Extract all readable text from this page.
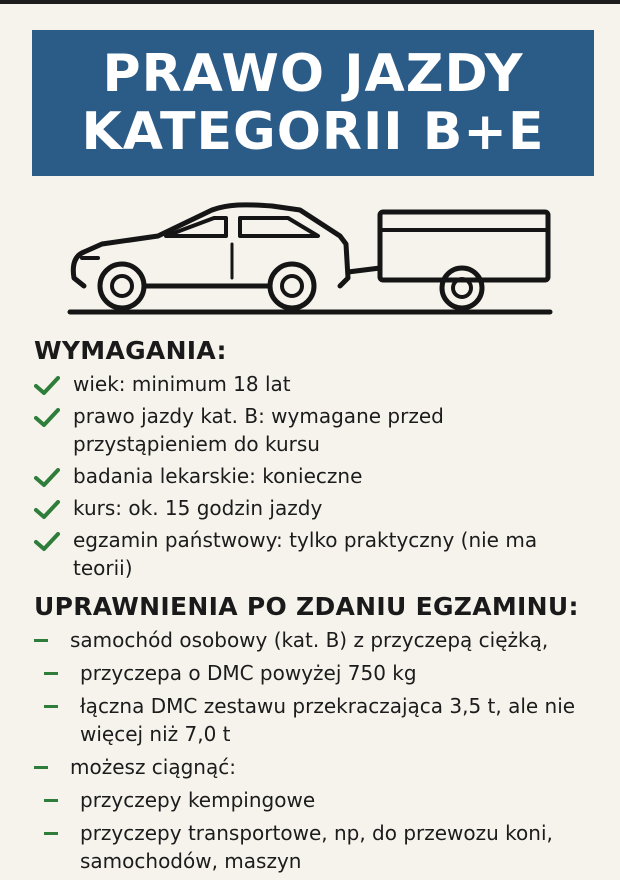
PRAWO JAZDY
KATEGORII B+E
WYMAGANIA:
wiek: minimum 18 lat
prawo jazdy kat. B: wymagane przed przystąpieniem do kursu
badania lekarskie: konieczne
kurs: ok. 15 godzin jazdy
egzamin państwowy: tylko praktyczny (nie ma teorii)
UPRAWNIENIA PO ZDANIU EGZAMINU:
samochód osobowy (kat. B) z przyczepą ciężką,
przyczepa o DMC powyżej 750 kg
łączna DMC zestawu przekraczająca 3,5 t, ale nie więcej niż 7,0 t
możesz ciągnąć:
przyczepy kempingowe
przyczepy transportowe, np, do przewozu koni, samochodów, maszyn
